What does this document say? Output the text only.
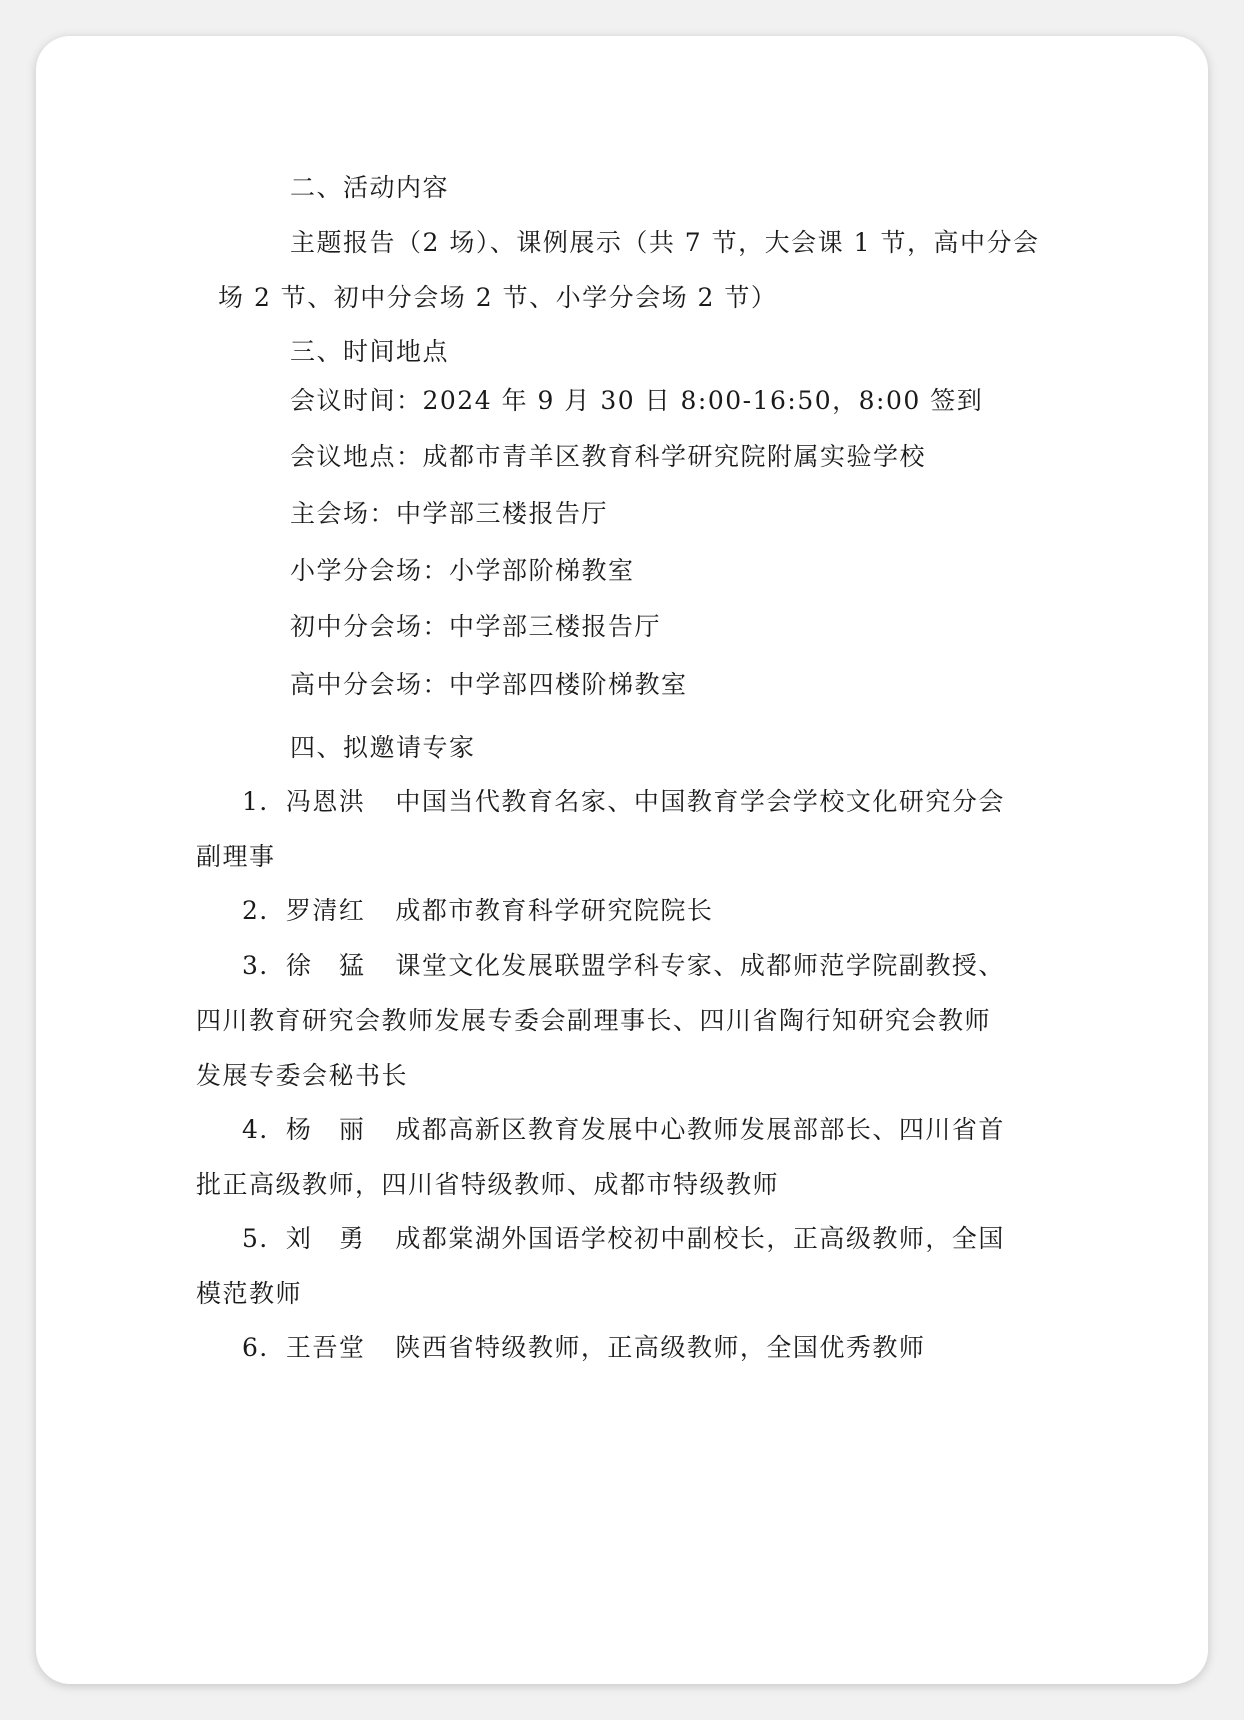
二、活动内容
主题报告（2 场）、课例展示（共 7 节，大会课 1 节，高中分会
场 2 节、初中分会场 2 节、小学分会场 2 节）
三、时间地点
会议时间：2024 年 9 月 30 日 8:00-16:50，8:00 签到
会议地点：成都市青羊区教育科学研究院附属实验学校
主会场：中学部三楼报告厅
小学分会场：小学部阶梯教室
初中分会场：中学部三楼报告厅
高中分会场：中学部四楼阶梯教室
四、拟邀请专家
1．冯恩洪 中国当代教育名家、中国教育学会学校文化研究分会
副理事
2．罗清红 成都市教育科学研究院院长
3．徐　猛 课堂文化发展联盟学科专家、成都师范学院副教授、
四川教育研究会教师发展专委会副理事长、四川省陶行知研究会教师
发展专委会秘书长
4．杨　丽 成都高新区教育发展中心教师发展部部长、四川省首
批正高级教师，四川省特级教师、成都市特级教师
5．刘　勇 成都棠湖外国语学校初中副校长，正高级教师，全国
模范教师
6．王吾堂 陕西省特级教师，正高级教师，全国优秀教师
